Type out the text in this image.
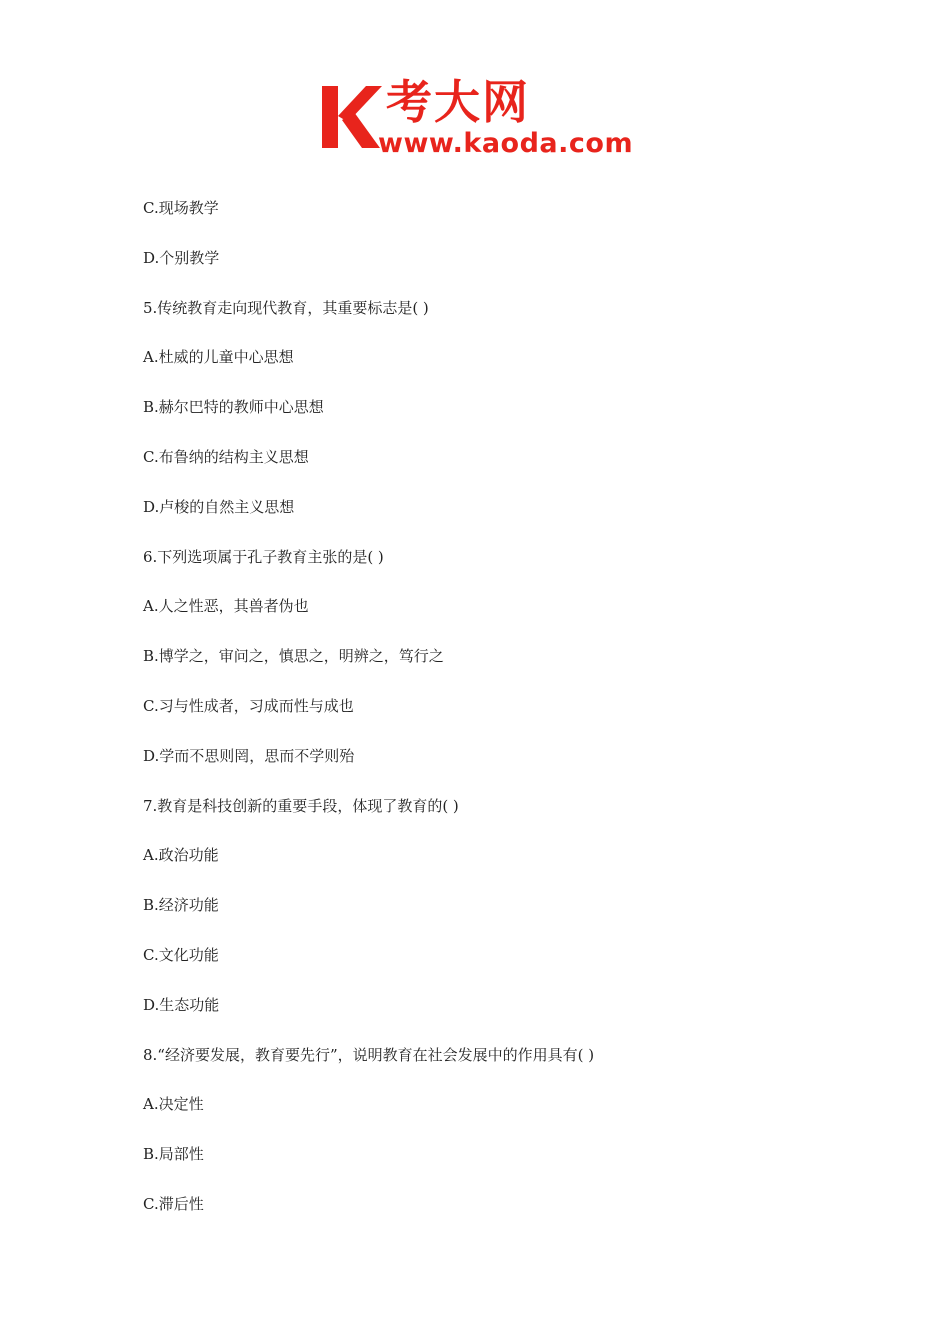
考大网
www.kaoda.com
C.现场教学
D.个别教学
5.传统教育走向现代教育，其重要标志是( )
A.杜威的儿童中心思想
B.赫尔巴特的教师中心思想
C.布鲁纳的结构主义思想
D.卢梭的自然主义思想
6.下列选项属于孔子教育主张的是( )
A.人之性恶，其兽者伪也
B.博学之，审问之，慎思之，明辨之，笃行之
C.习与性成者，习成而性与成也
D.学而不思则罔，思而不学则殆
7.教育是科技创新的重要手段，体现了教育的( )
A.政治功能
B.经济功能
C.文化功能
D.生态功能
8.“经济要发展，教育要先行”，说明教育在社会发展中的作用具有( )
A.决定性
B.局部性
C.滞后性
